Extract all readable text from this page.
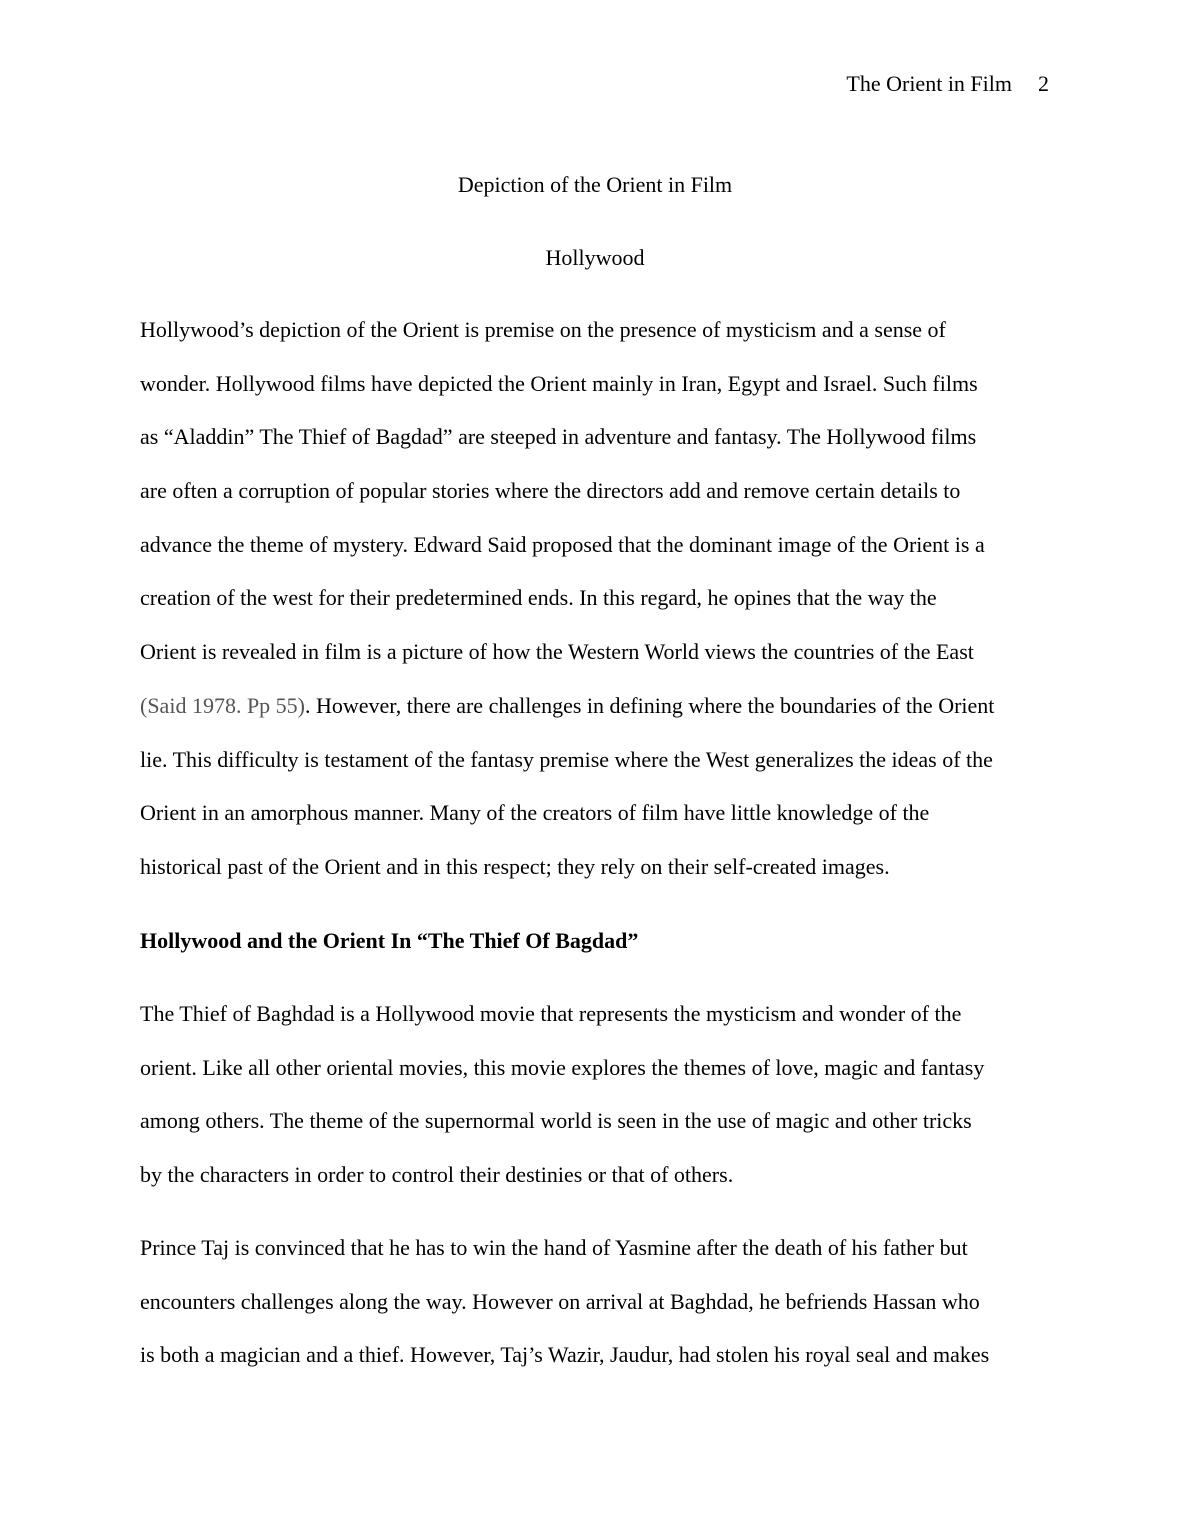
The Orient in Film 2
Depiction of the Orient in Film
Hollywood
Hollywood’s depiction of the Orient is premise on the presence of mysticism and a sense of
wonder. Hollywood films have depicted the Orient mainly in Iran, Egypt and Israel. Such films
as “Aladdin” The Thief of Bagdad” are steeped in adventure and fantasy. The Hollywood films
are often a corruption of popular stories where the directors add and remove certain details to
advance the theme of mystery. Edward Said proposed that the dominant image of the Orient is a
creation of the west for their predetermined ends. In this regard, he opines that the way the
Orient is revealed in film is a picture of how the Western World views the countries of the East
(Said 1978. Pp 55). However, there are challenges in defining where the boundaries of the Orient
lie. This difficulty is testament of the fantasy premise where the West generalizes the ideas of the
Orient in an amorphous manner. Many of the creators of film have little knowledge of the
historical past of the Orient and in this respect; they rely on their self-created images.
Hollywood and the Orient In “The Thief Of Bagdad”
The Thief of Baghdad is a Hollywood movie that represents the mysticism and wonder of the
orient. Like all other oriental movies, this movie explores the themes of love, magic and fantasy
among others. The theme of the supernormal world is seen in the use of magic and other tricks
by the characters in order to control their destinies or that of others.
Prince Taj is convinced that he has to win the hand of Yasmine after the death of his father but
encounters challenges along the way. However on arrival at Baghdad, he befriends Hassan who
is both a magician and a thief. However, Taj’s Wazir, Jaudur, had stolen his royal seal and makes
